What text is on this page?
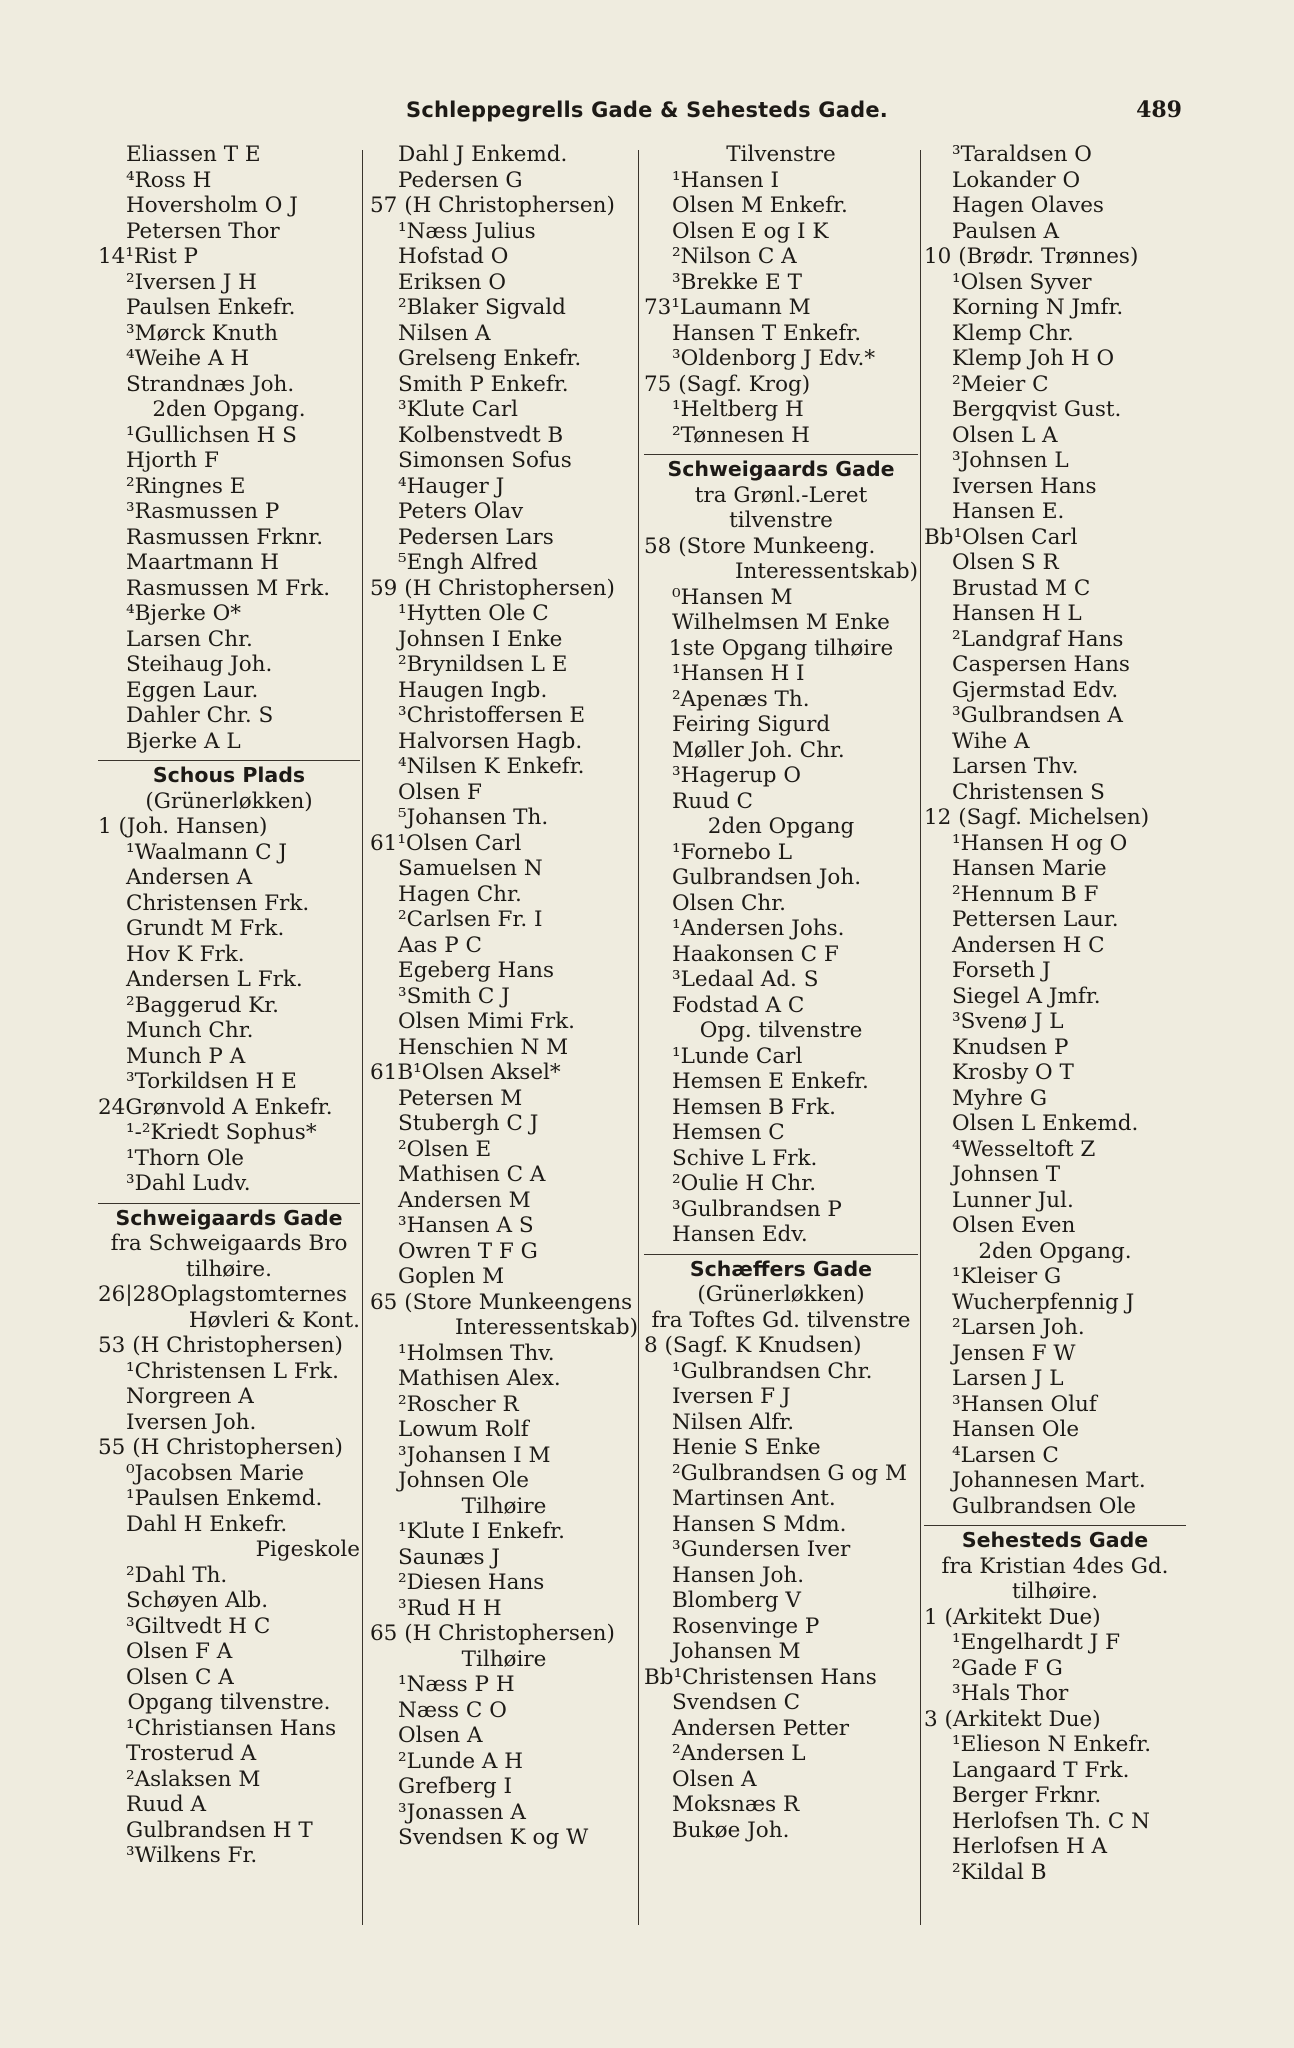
Schleppegrells Gade & Sehesteds Gade.	489
Eliassen T E
⁴Ross H
Hoversholm O J
Petersen Thor
14¹Rist P
²Iversen J H
Paulsen Enkefr.
³Mørck Knuth
⁴Weihe A H
Strandnæs Joh.
2den Opgang.
¹Gullichsen H S
Hjorth F
²Ringnes E
³Rasmussen P
Rasmussen Frknr.
Maartmann H
Rasmussen M Frk.
⁴Bjerke O*
Larsen Chr.
Steihaug Joh.
Eggen Laur.
Dahler Chr. S
Bjerke A L
Schous Plads
(Grünerløkken)
1 (Joh. Hansen)
¹Waalmann C J
Andersen A
Christensen Frk.
Grundt M Frk.
Hov K Frk.
Andersen L Frk.
²Baggerud Kr.
Munch Chr.
Munch P A
³Torkildsen H E
24Grønvold A Enkefr.
¹-²Kriedt Sophus*
¹Thorn Ole
³Dahl Ludv.
Schweigaards Gade
fra Schweigaards Bro
tilhøire.
26|28Oplagstomternes
Høvleri & Kont.
53 (H Christophersen)
¹Christensen L Frk.
Norgreen A
Iversen Joh.
55 (H Christophersen)
⁰Jacobsen Marie
¹Paulsen Enkemd.
Dahl H Enkefr.
Pigeskole
²Dahl Th.
Schøyen Alb.
³Giltvedt H C
Olsen F A
Olsen C A
Opgang tilvenstre.
¹Christiansen Hans
Trosterud A
²Aslaksen M
Ruud A
Gulbrandsen H T
³Wilkens Fr.
Dahl J Enkemd.
Pedersen G
57 (H Christophersen)
¹Næss Julius
Hofstad O
Eriksen O
²Blaker Sigvald
Nilsen A
Grelseng Enkefr.
Smith P Enkefr.
³Klute Carl
Kolbenstvedt B
Simonsen Sofus
⁴Hauger J
Peters Olav
Pedersen Lars
⁵Engh Alfred
59 (H Christophersen)
¹Hytten Ole C
Johnsen I Enke
²Brynildsen L E
Haugen Ingb.
³Christoffersen E
Halvorsen Hagb.
⁴Nilsen K Enkefr.
Olsen F
⁵Johansen Th.
61¹Olsen Carl
Samuelsen N
Hagen Chr.
²Carlsen Fr. I
Aas P C
Egeberg Hans
³Smith C J
Olsen Mimi Frk.
Henschien N M
61B¹Olsen Aksel*
Petersen M
Stubergh C J
²Olsen E
Mathisen C A
Andersen M
³Hansen A S
Owren T F G
Goplen M
65 (Store Munkeengens
Interessentskab)
¹Holmsen Thv.
Mathisen Alex.
²Roscher R
Lowum Rolf
³Johansen I M
Johnsen Ole
Tilhøire
¹Klute I Enkefr.
Saunæs J
²Diesen Hans
³Rud H H
65 (H Christophersen)
Tilhøire
¹Næss P H
Næss C O
Olsen A
²Lunde A H
Grefberg I
³Jonassen A
Svendsen K og W
Tilvenstre
¹Hansen I
Olsen M Enkefr.
Olsen E og I K
²Nilson C A
³Brekke E T
73¹Laumann M
Hansen T Enkefr.
³Oldenborg J Edv.*
75 (Sagf. Krog)
¹Heltberg H
²Tønnesen H
Schweigaards Gade
tra Grønl.-Leret
tilvenstre
58 (Store Munkeeng.
Interessentskab)
⁰Hansen M
Wilhelmsen M Enke
1ste Opgang tilhøire
¹Hansen H I
²Apenæs Th.
Feiring Sigurd
Møller Joh. Chr.
³Hagerup O
Ruud C
2den Opgang
¹Fornebo L
Gulbrandsen Joh.
Olsen Chr.
¹Andersen Johs.
Haakonsen C F
³Ledaal Ad. S
Fodstad A C
Opg. tilvenstre
¹Lunde Carl
Hemsen E Enkefr.
Hemsen B Frk.
Hemsen C
Schive L Frk.
²Oulie H Chr.
³Gulbrandsen P
Hansen Edv.
Schæffers Gade
(Grünerløkken)
fra Toftes Gd. tilvenstre
8 (Sagf. K Knudsen)
¹Gulbrandsen Chr.
Iversen F J
Nilsen Alfr.
Henie S Enke
²Gulbrandsen G og M
Martinsen Ant.
Hansen S Mdm.
³Gundersen Iver
Hansen Joh.
Blomberg V
Rosenvinge P
Johansen M
Bb¹Christensen Hans
Svendsen C
Andersen Petter
²Andersen L
Olsen A
Moksnæs R
Bukøe Joh.
³Taraldsen O
Lokander O
Hagen Olaves
Paulsen A
10 (Brødr. Trønnes)
¹Olsen Syver
Korning N Jmfr.
Klemp Chr.
Klemp Joh H O
²Meier C
Bergqvist Gust.
Olsen L A
³Johnsen L
Iversen Hans
Hansen E.
Bb¹Olsen Carl
Olsen S R
Brustad M C
Hansen H L
²Landgraf Hans
Caspersen Hans
Gjermstad Edv.
³Gulbrandsen A
Wihe A
Larsen Thv.
Christensen S
12 (Sagf. Michelsen)
¹Hansen H og O
Hansen Marie
²Hennum B F
Pettersen Laur.
Andersen H C
Forseth J
Siegel A Jmfr.
³Svenø J L
Knudsen P
Krosby O T
Myhre G
Olsen L Enkemd.
⁴Wesseltoft Z
Johnsen T
Lunner Jul.
Olsen Even
2den Opgang.
¹Kleiser G
Wucherpfennig J
²Larsen Joh.
Jensen F W
Larsen J L
³Hansen Oluf
Hansen Ole
⁴Larsen C
Johannesen Mart.
Gulbrandsen Ole
Sehesteds Gade
fra Kristian 4des Gd.
tilhøire.
1 (Arkitekt Due)
¹Engelhardt J F
²Gade F G
³Hals Thor
3 (Arkitekt Due)
¹Elieson N Enkefr.
Langaard T Frk.
Berger Frknr.
Herlofsen Th. C N
Herlofsen H A
²Kildal B
